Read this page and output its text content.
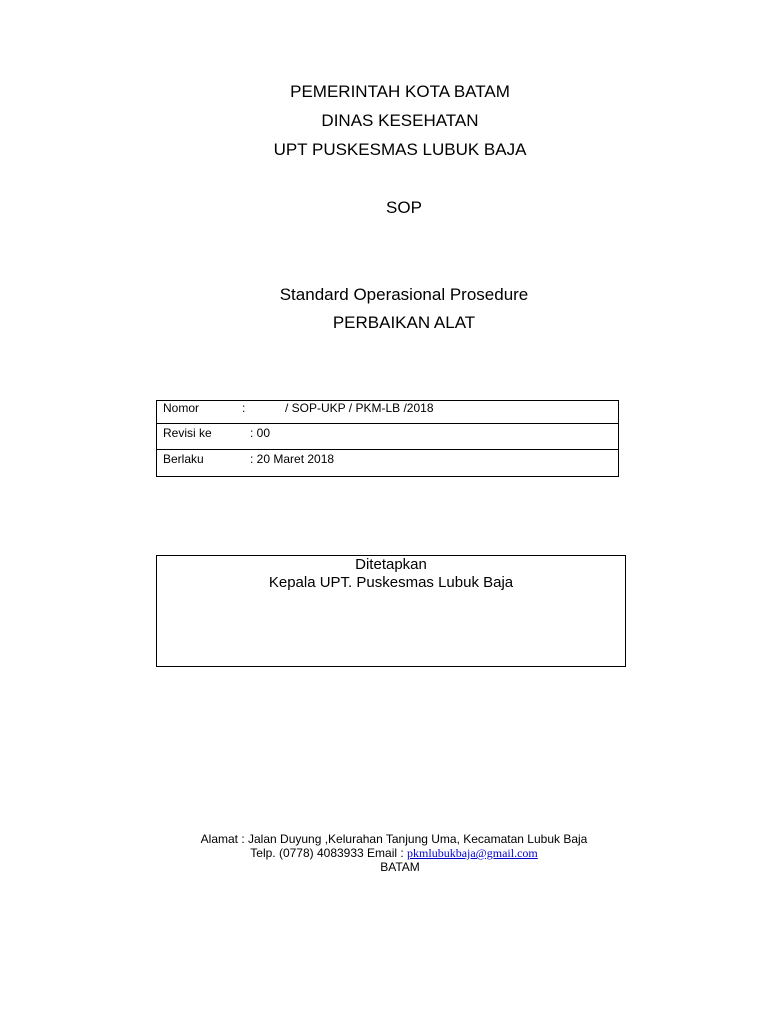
PEMERINTAH KOTA BATAM
DINAS KESEHATAN
UPT PUSKESMAS LUBUK BAJA
SOP
Standard Operasional Prosedure
PERBAIKAN ALAT
Nomor	:	/ SOP-UKP / PKM-LB /2018
Revisi ke	: 00
Berlaku	: 20 Maret 2018
Ditetapkan
Kepala UPT. Puskesmas Lubuk Baja
Alamat : Jalan Duyung ,Kelurahan Tanjung Uma, Kecamatan Lubuk Baja
Telp. (0778) 4083933 Email : pkmlubukbaja@gmail.com
BATAM
